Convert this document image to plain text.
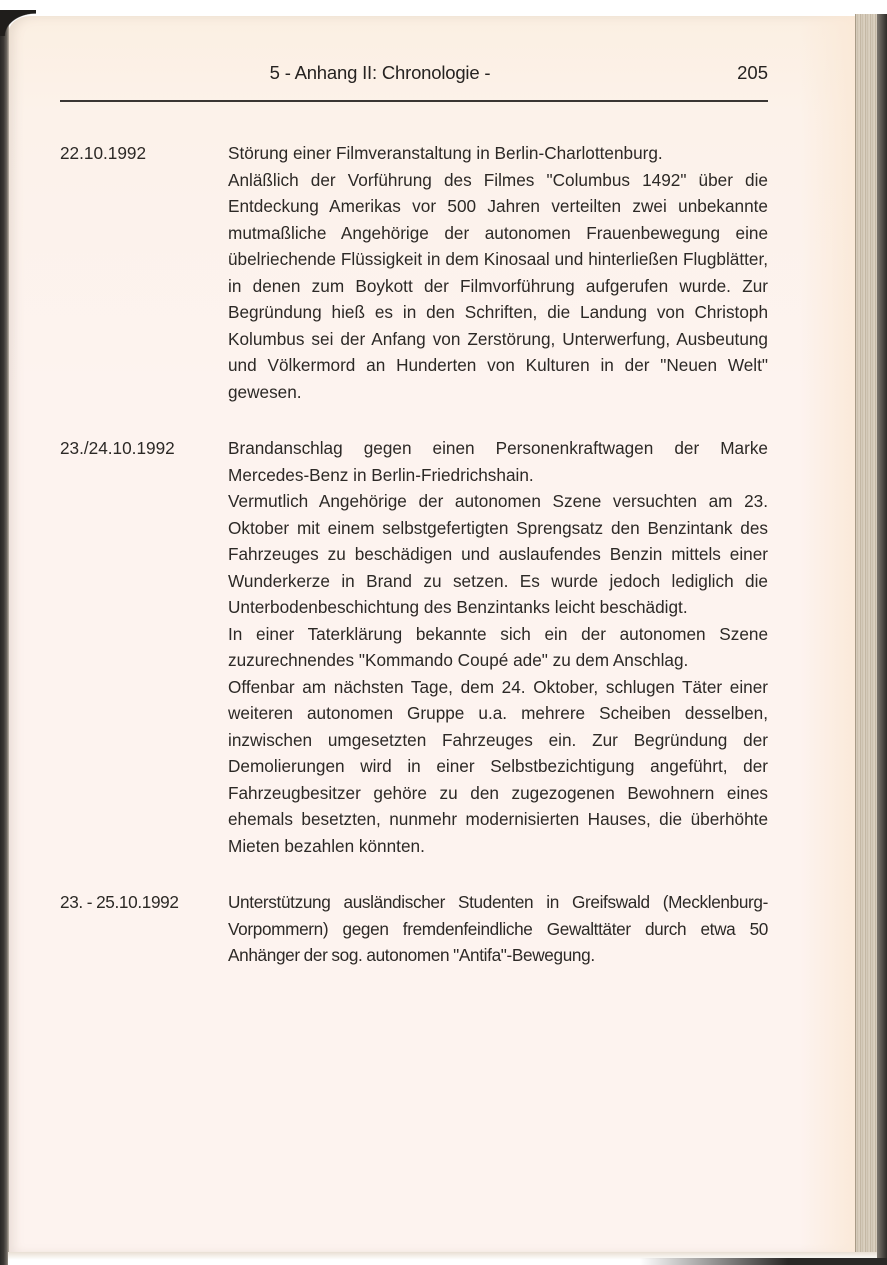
5 - Anhang II: Chronologie -	205
22.10.1992	Störung einer Filmveranstaltung in Berlin-Charlottenburg.

Anläßlich der Vorführung des Filmes "Columbus 1492" über die Entdeckung Amerikas vor 500 Jahren verteilten zwei unbekannte mutmaßliche Angehörige der autonomen Frauenbewegung eine übelriechende Flüssigkeit in dem Kinosaal und hinterließen Flugblätter, in denen zum Boykott der Filmvorführung aufgerufen wurde. Zur Begründung hieß es in den Schriften, die Landung von Christoph Kolumbus sei der Anfang von Zerstörung, Unterwerfung, Ausbeutung und Völkermord an Hunderten von Kulturen in der "Neuen Welt" gewesen.

23./24.10.1992	Brandanschlag gegen einen Personenkraftwagen der Marke Mercedes-Benz in Berlin-Friedrichshain.

Vermutlich Angehörige der autonomen Szene versuchten am 23. Oktober mit einem selbstgefertigten Sprengsatz den Benzintank des Fahrzeuges zu beschädigen und auslaufendes Benzin mittels einer Wunderkerze in Brand zu setzen. Es wurde jedoch lediglich die Unterbodenbeschichtung des Benzintanks leicht beschädigt.

In einer Taterklärung bekannte sich ein der autonomen Szene zuzurechnendes "Kommando Coupé ade" zu dem Anschlag.

Offenbar am nächsten Tage, dem 24. Oktober, schlugen Täter einer weiteren autonomen Gruppe u.a. mehrere Scheiben desselben, inzwischen umgesetzten Fahrzeuges ein. Zur Begründung der Demolierungen wird in einer Selbstbezichtigung angeführt, der Fahrzeugbesitzer gehöre zu den zugezogenen Bewohnern eines ehemals besetzten, nunmehr modernisierten Hauses, die überhöhte Mieten bezahlen könnten.

23. - 25.10.1992	Unterstützung ausländischer Studenten in Greifswald (Mecklenburg-Vorpommern) gegen fremdenfeindliche Gewalttäter durch etwa 50 Anhänger der sog. autonomen "Antifa"-Bewegung.
